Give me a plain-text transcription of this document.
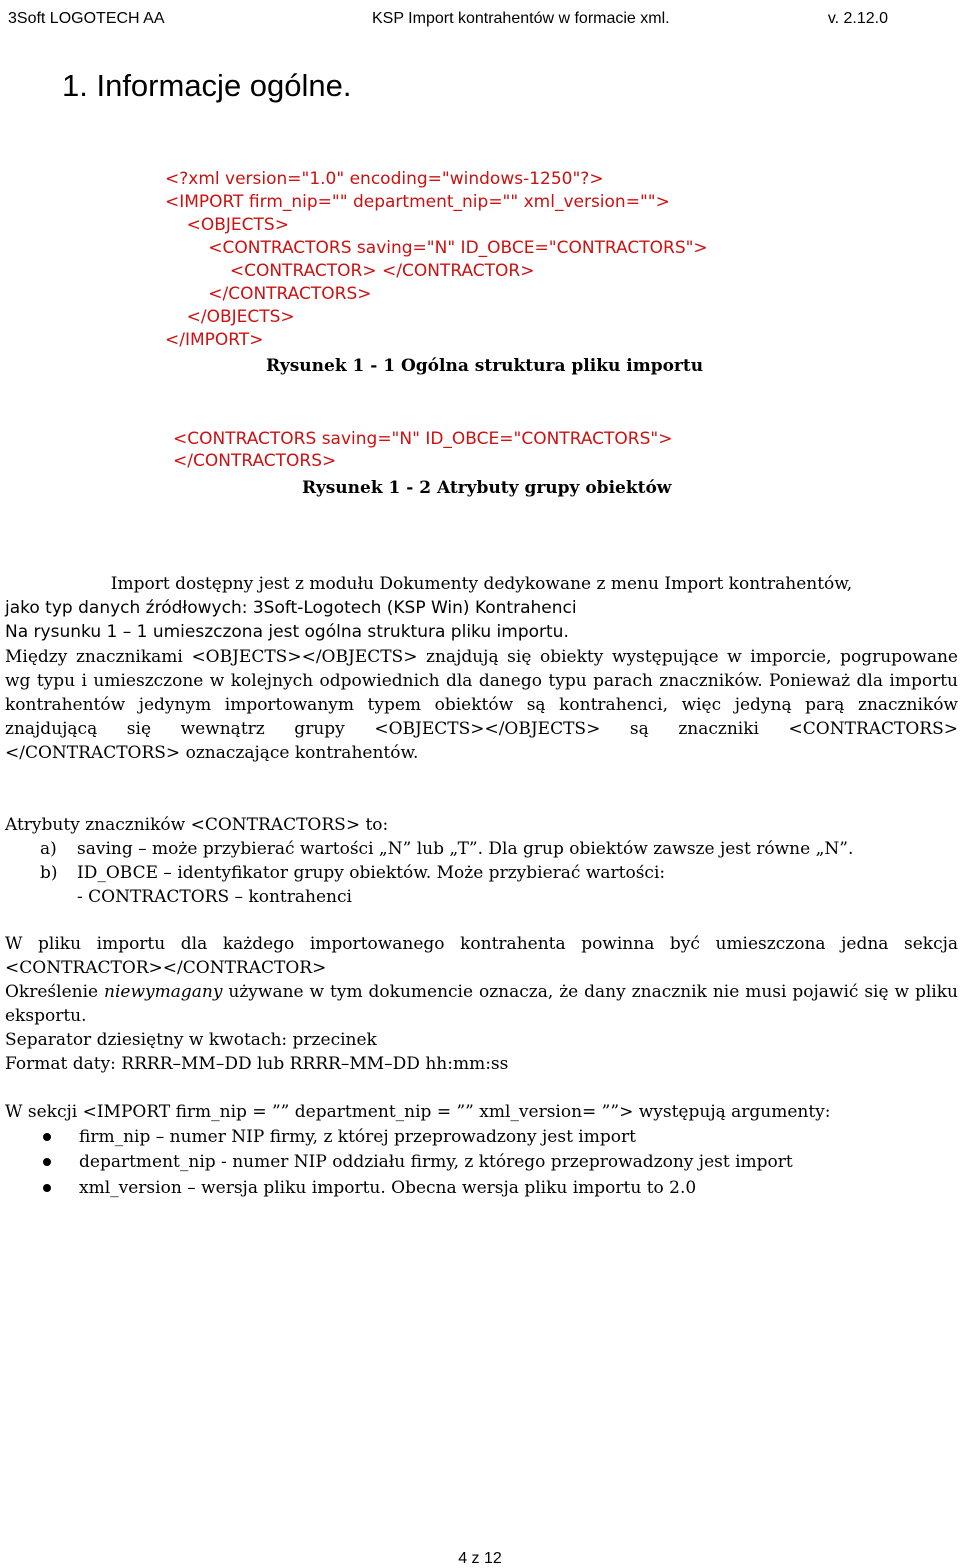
3Soft LOGOTECH AA	KSP Import kontrahentów w formacie xml.	v. 2.12.0
1. Informacje ogólne.
<?xml version="1.0" encoding="windows-1250"?>
<IMPORT firm_nip="" department_nip="" xml_version="">
<OBJECTS>
<CONTRACTORS saving="N" ID_OBCE="CONTRACTORS">
<CONTRACTOR> </CONTRACTOR>
</CONTRACTORS>
</OBJECTS>
</IMPORT>
Rysunek 1 - 1 Ogólna struktura pliku importu
<CONTRACTORS saving="N" ID_OBCE="CONTRACTORS">
</CONTRACTORS>
Rysunek 1 - 2 Atrybuty grupy obiektów

Import dostępny jest z modułu Dokumenty dedykowane z menu Import kontrahentów,

jako typ danych źródłowych: 3Soft-Logotech (KSP Win) Kontrahenci

Na rysunku 1 – 1 umieszczona jest ogólna struktura pliku importu.

Między znacznikami <OBJECTS></OBJECTS> znajdują się obiekty występujące w imporcie, pogrupowane wg typu i umieszczone w kolejnych odpowiednich dla danego typu parach znaczników. Ponieważ dla importu kontrahentów jedynym importowanym typem obiektów są kontrahenci, więc jedyną parą znaczników znajdującą się wewnątrz grupy <OBJECTS></OBJECTS> są znaczniki <CONTRACTORS></CONTRACTORS> oznaczające kontrahentów.

Atrybuty znaczników <CONTRACTORS> to:

a)	saving – może przybierać wartości „N” lub „T”. Dla grup obiektów zawsze jest równe „N”.
b)	ID_OBCE – identyfikator grupy obiektów. Może przybierać wartości:

- CONTRACTORS – kontrahenci

W pliku importu dla każdego importowanego kontrahenta powinna być umieszczona jedna sekcja <CONTRACTOR></CONTRACTOR>
Określenie niewymagany używane w tym dokumencie oznacza, że dany znacznik nie musi pojawić się w pliku eksportu.
Separator dziesiętny w kwotach: przecinek
Format daty: RRRR–MM–DD lub RRRR–MM–DD hh:mm:ss

W sekcji <IMPORT firm_nip = ”” department_nip = ”” xml_version= ””> występują argumenty:

firm_nip – numer NIP firmy, z której przeprowadzony jest import
department_nip - numer NIP oddziału firmy, z którego przeprowadzony jest import
xml_version – wersja pliku importu. Obecna wersja pliku importu to 2.0
4 z 12
